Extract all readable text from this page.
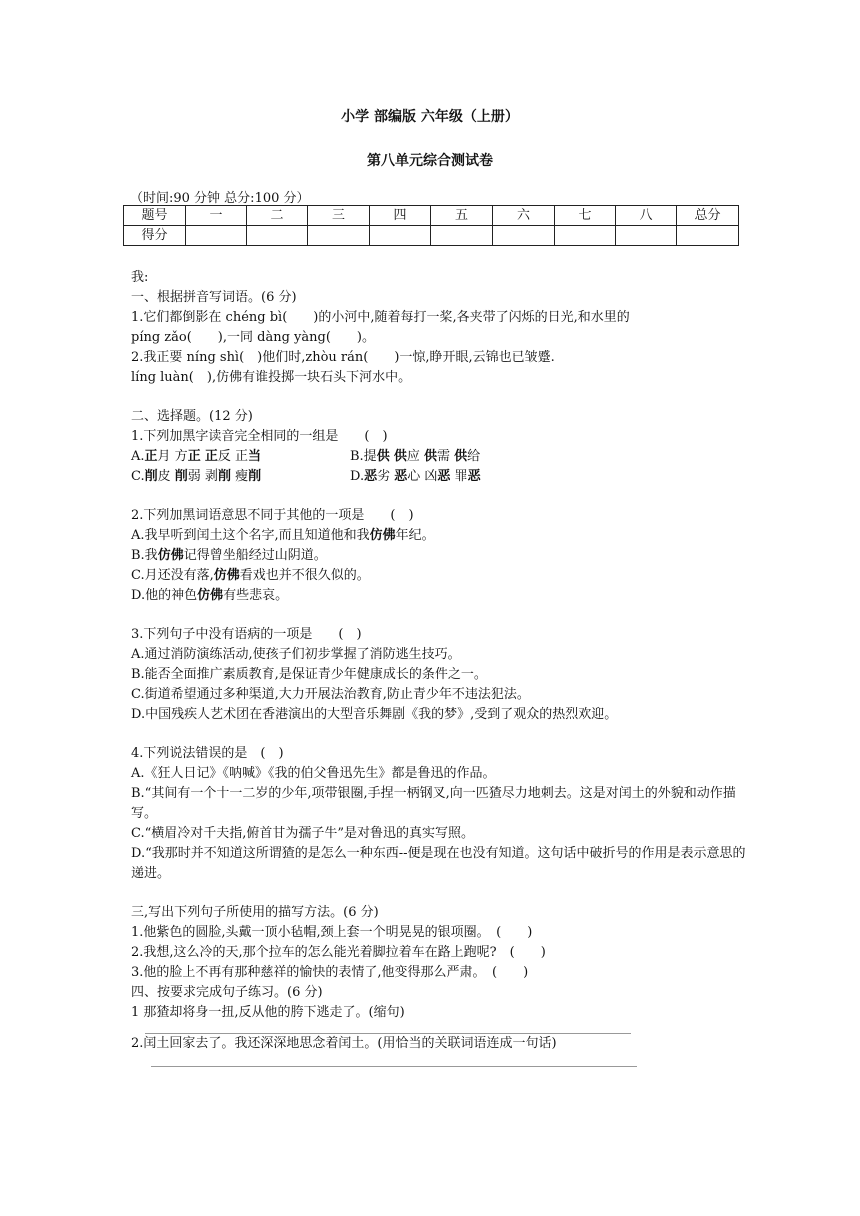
小学 部编版 六年级（上册）
第八单元综合测试卷
（时间:90 分钟 总分:100 分）
题号	一	二	三	四	五	六	七	八	总分
得分									

我:

一、根据拼音写词语。(6 分)

1.它们都倒影在 chéng bì(　　)的小河中,随着每打一桨,各夹带了闪烁的日光,和水里的

píng zǎo(　　),一同 dàng yàng(　　)。

2.我正要 níng shì(　)他们时,zhòu rán(　　)一惊,睁开眼,云锦也已皱蹙.

líng luàn(　),仿佛有谁投掷一块石头下河水中。

二、选择题。(12 分)

1.下列加黑字读音完全相同的一组是　　(　)

A.正月 方正 正反 正当	B.提供 供应 供需 供给

C.削皮 削弱 剥削 瘦削	D.恶劣 恶心 凶恶 罪恶

2.下列加黑词语意思不同于其他的一项是　　(　)

A.我早听到闰土这个名字,而且知道他和我仿佛年纪。

B.我仿佛记得曾坐船经过山阴道。

C.月还没有落,仿佛看戏也并不很久似的。

D.他的神色仿佛有些悲哀。

3.下列句子中没有语病的一项是　　(　)

A.通过消防演练活动,使孩子们初步掌握了消防逃生技巧。

B.能否全面推广素质教育,是保证青少年健康成长的条件之一。

C.街道希望通过多种渠道,大力开展法治教育,防止青少年不违法犯法。

D.中国残疾人艺术团在香港演出的大型音乐舞剧《我的梦》,受到了观众的热烈欢迎。

4.下列说法错误的是　(　)

A.《狂人日记》《呐喊》《我的伯父鲁迅先生》都是鲁迅的作品。

B.“其间有一个十一二岁的少年,项带银圈,手捏一柄钢叉,向一匹猹尽力地刺去。这是对闰土的外貌和动作描写。

C.“横眉冷对千夫指,俯首甘为孺子牛”是对鲁迅的真实写照。

D.“我那时并不知道这所谓猹的是怎么一种东西--便是现在也没有知道。这句话中破折号的作用是表示意思的递进。

三,写出下列句子所使用的描写方法。(6 分)

1.他紫色的圆脸,头戴一顶小毡帽,颈上套一个明晃晃的银项圈。　(　　)

2.我想,这么冷的天,那个拉车的怎么能光着脚拉着车在路上跑呢?　(　　)

3.他的脸上不再有那种慈祥的愉快的表情了,他变得那么严肃。　(　　)

四、按要求完成句子练习。(6 分)

1 那猹却将身一扭,反从他的胯下逃走了。(缩句)

2.闰土回家去了。我还深深地思念着闰土。(用恰当的关联词语连成一句话)
